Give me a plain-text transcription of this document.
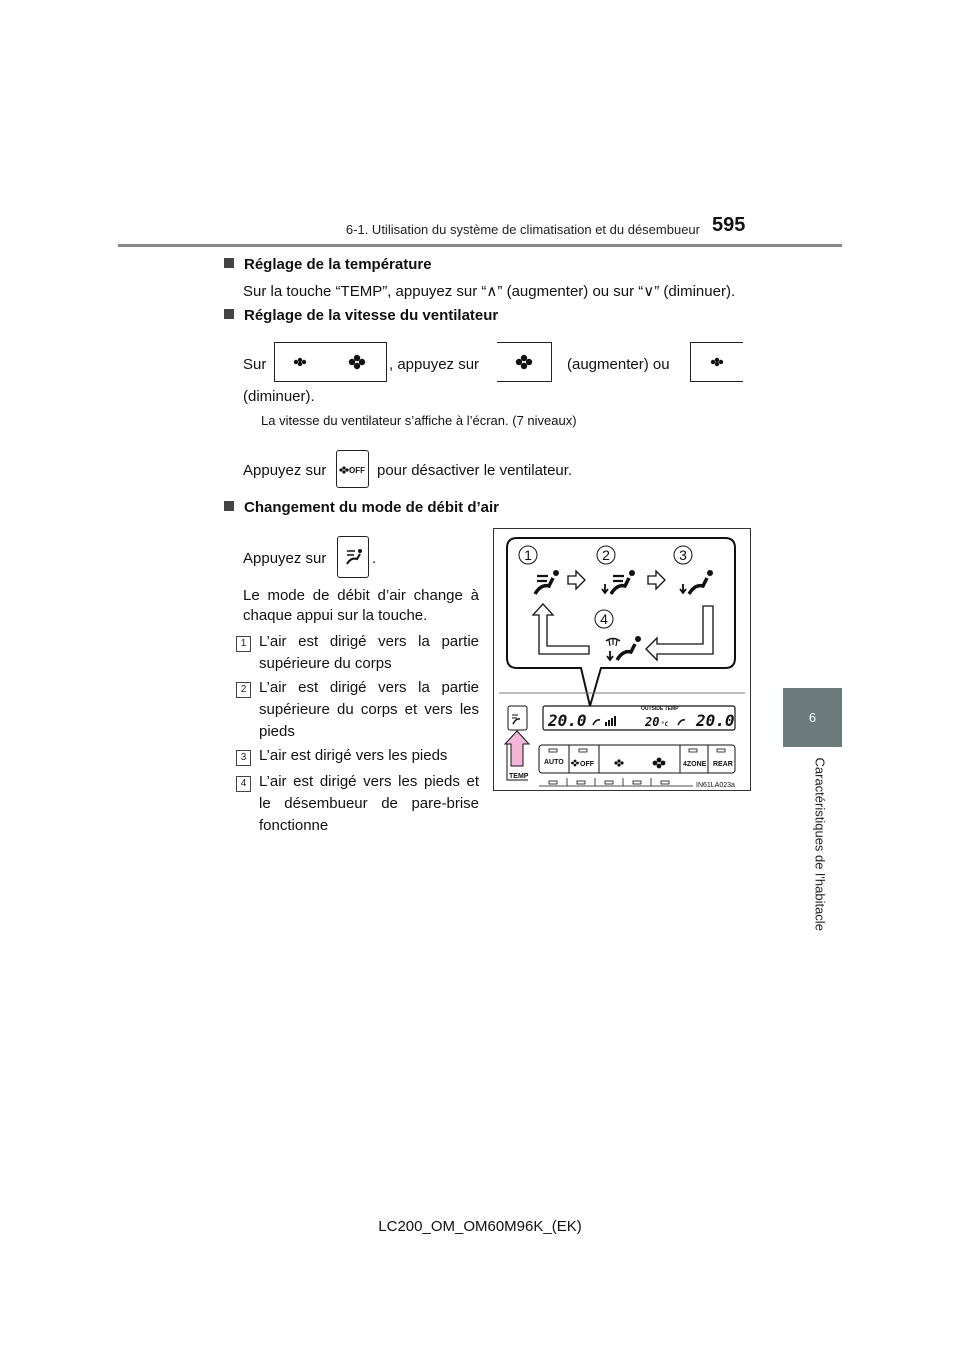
6-1. Utilisation du système de climatisation et du désembueur 595
6
Caractéristiques de l’habitacle
Réglage de la température
Sur la touche “TEMP”, appuyez sur “∧” (augmenter) ou sur “∨” (diminuer).
Réglage de la vitesse du ventilateur
Sur	, appuyez sur	(augmenter) ou
(diminuer).
La vitesse du ventilateur s’affiche à l’écran. (7 niveaux)
Appuyez sur	OFF pour désactiver le ventilateur.
Changement du mode de débit d’air
Appuyez sur	.
Le mode de débit d’air change à
chaque appui sur la touche.
1 L’air est dirigé vers la partie
supérieure du corps
2 L’air est dirigé vers la partie
supérieure du corps et vers les
pieds
3 L’air est dirigé vers les pieds
4 L’air est dirigé vers les pieds et
le désembueur de pare-brise
fonctionne
1	2	3
4
OUTSIDE TEMP
20.0	20 °C 20.0
TEMP
AUTO OFF	4ZONE REAR
IN61LA023a
LC200_OM_OM60M96K_(EK)
